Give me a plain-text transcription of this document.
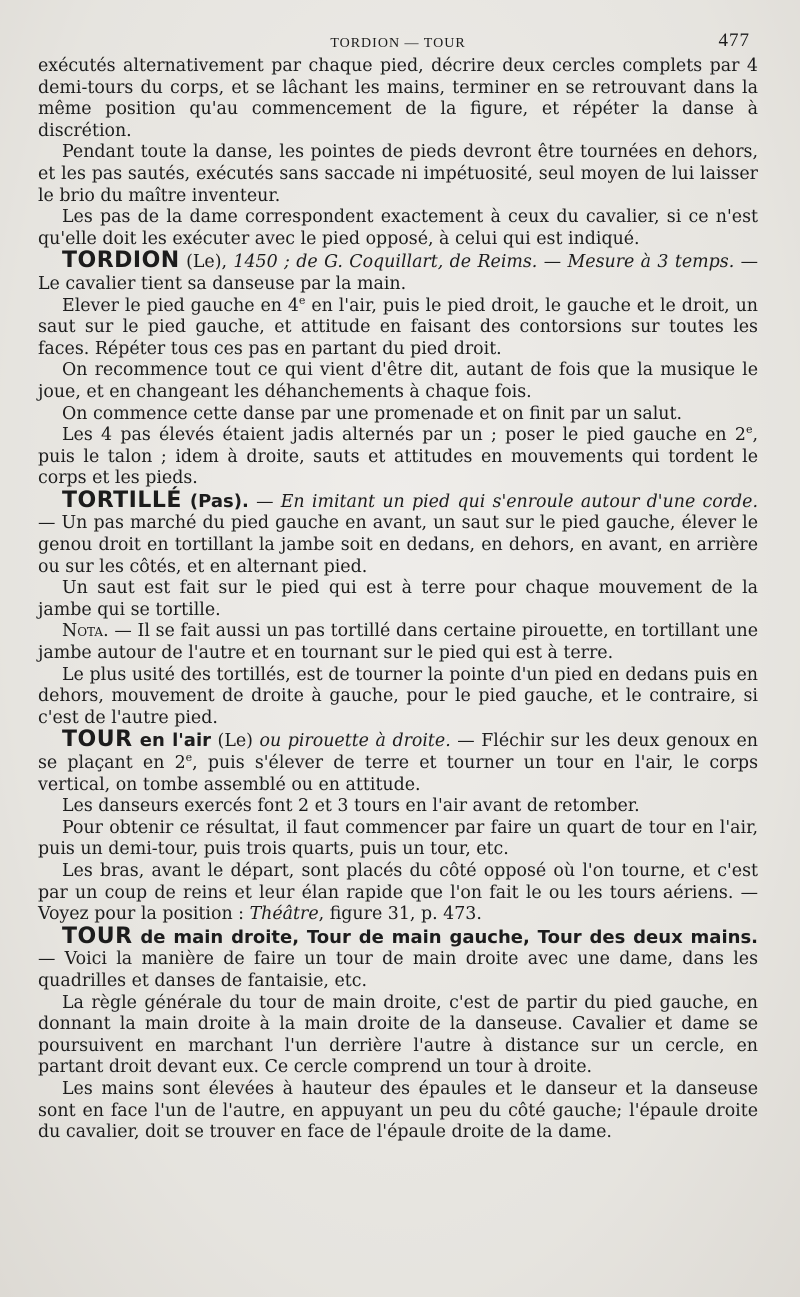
TORDION — TOUR	477

exécutés alternativement par chaque pied, décrire deux cercles complets par 4 demi-tours du corps, et se lâchant les mains, terminer en se retrouvant dans la même position qu'au commencement de la figure, et répéter la danse à discrétion.

Pendant toute la danse, les pointes de pieds devront être tournées en dehors, et les pas sautés, exécutés sans saccade ni impétuosité, seul moyen de lui laisser le brio du maître inventeur.

Les pas de la dame correspondent exactement à ceux du cavalier, si ce n'est qu'elle doit les exécuter avec le pied opposé, à celui qui est indiqué.

TORDION (Le), 1450 ; de G. Coquillart, de Reims. — Mesure à 3 temps. — Le cavalier tient sa danseuse par la main.

Elever le pied gauche en 4e en l'air, puis le pied droit, le gauche et le droit, un saut sur le pied gauche, et attitude en faisant des contorsions sur toutes les faces. Répéter tous ces pas en partant du pied droit.

On recommence tout ce qui vient d'être dit, autant de fois que la musique le joue, et en changeant les déhanchements à chaque fois.

On commence cette danse par une promenade et on finit par un salut.

Les 4 pas élevés étaient jadis alternés par un ; poser le pied gauche en 2e, puis le talon ; idem à droite, sauts et attitudes en mouvements qui tordent le corps et les pieds.

TORTILLÉ (Pas). — En imitant un pied qui s'enroule autour d'une corde. — Un pas marché du pied gauche en avant, un saut sur le pied gauche, élever le genou droit en tortillant la jambe soit en dedans, en dehors, en avant, en arrière ou sur les côtés, et en alternant pied.

Un saut est fait sur le pied qui est à terre pour chaque mouvement de la jambe qui se tortille.

Nota. — Il se fait aussi un pas tortillé dans certaine pirouette, en tortillant une jambe autour de l'autre et en tournant sur le pied qui est à terre.

Le plus usité des tortillés, est de tourner la pointe d'un pied en dedans puis en dehors, mouvement de droite à gauche, pour le pied gauche, et le contraire, si c'est de l'autre pied.

TOUR en l'air (Le) ou pirouette à droite. — Fléchir sur les deux genoux en se plaçant en 2e, puis s'élever de terre et tourner un tour en l'air, le corps vertical, on tombe assemblé ou en attitude.

Les danseurs exercés font 2 et 3 tours en l'air avant de retomber.

Pour obtenir ce résultat, il faut commencer par faire un quart de tour en l'air, puis un demi-tour, puis trois quarts, puis un tour, etc.

Les bras, avant le départ, sont placés du côté opposé où l'on tourne, et c'est par un coup de reins et leur élan rapide que l'on fait le ou les tours aériens. — Voyez pour la position : Théâtre, figure 31, p. 473.

TOUR de main droite, Tour de main gauche, Tour des deux mains. — Voici la manière de faire un tour de main droite avec une dame, dans les quadrilles et danses de fantaisie, etc.

La règle générale du tour de main droite, c'est de partir du pied gauche, en donnant la main droite à la main droite de la danseuse. Cavalier et dame se poursuivent en marchant l'un derrière l'autre à distance sur un cercle, en partant droit devant eux. Ce cercle comprend un tour à droite.

Les mains sont élevées à hauteur des épaules et le danseur et la danseuse sont en face l'un de l'autre, en appuyant un peu du côté gauche; l'épaule droite du cavalier, doit se trouver en face de l'épaule droite de la dame.
